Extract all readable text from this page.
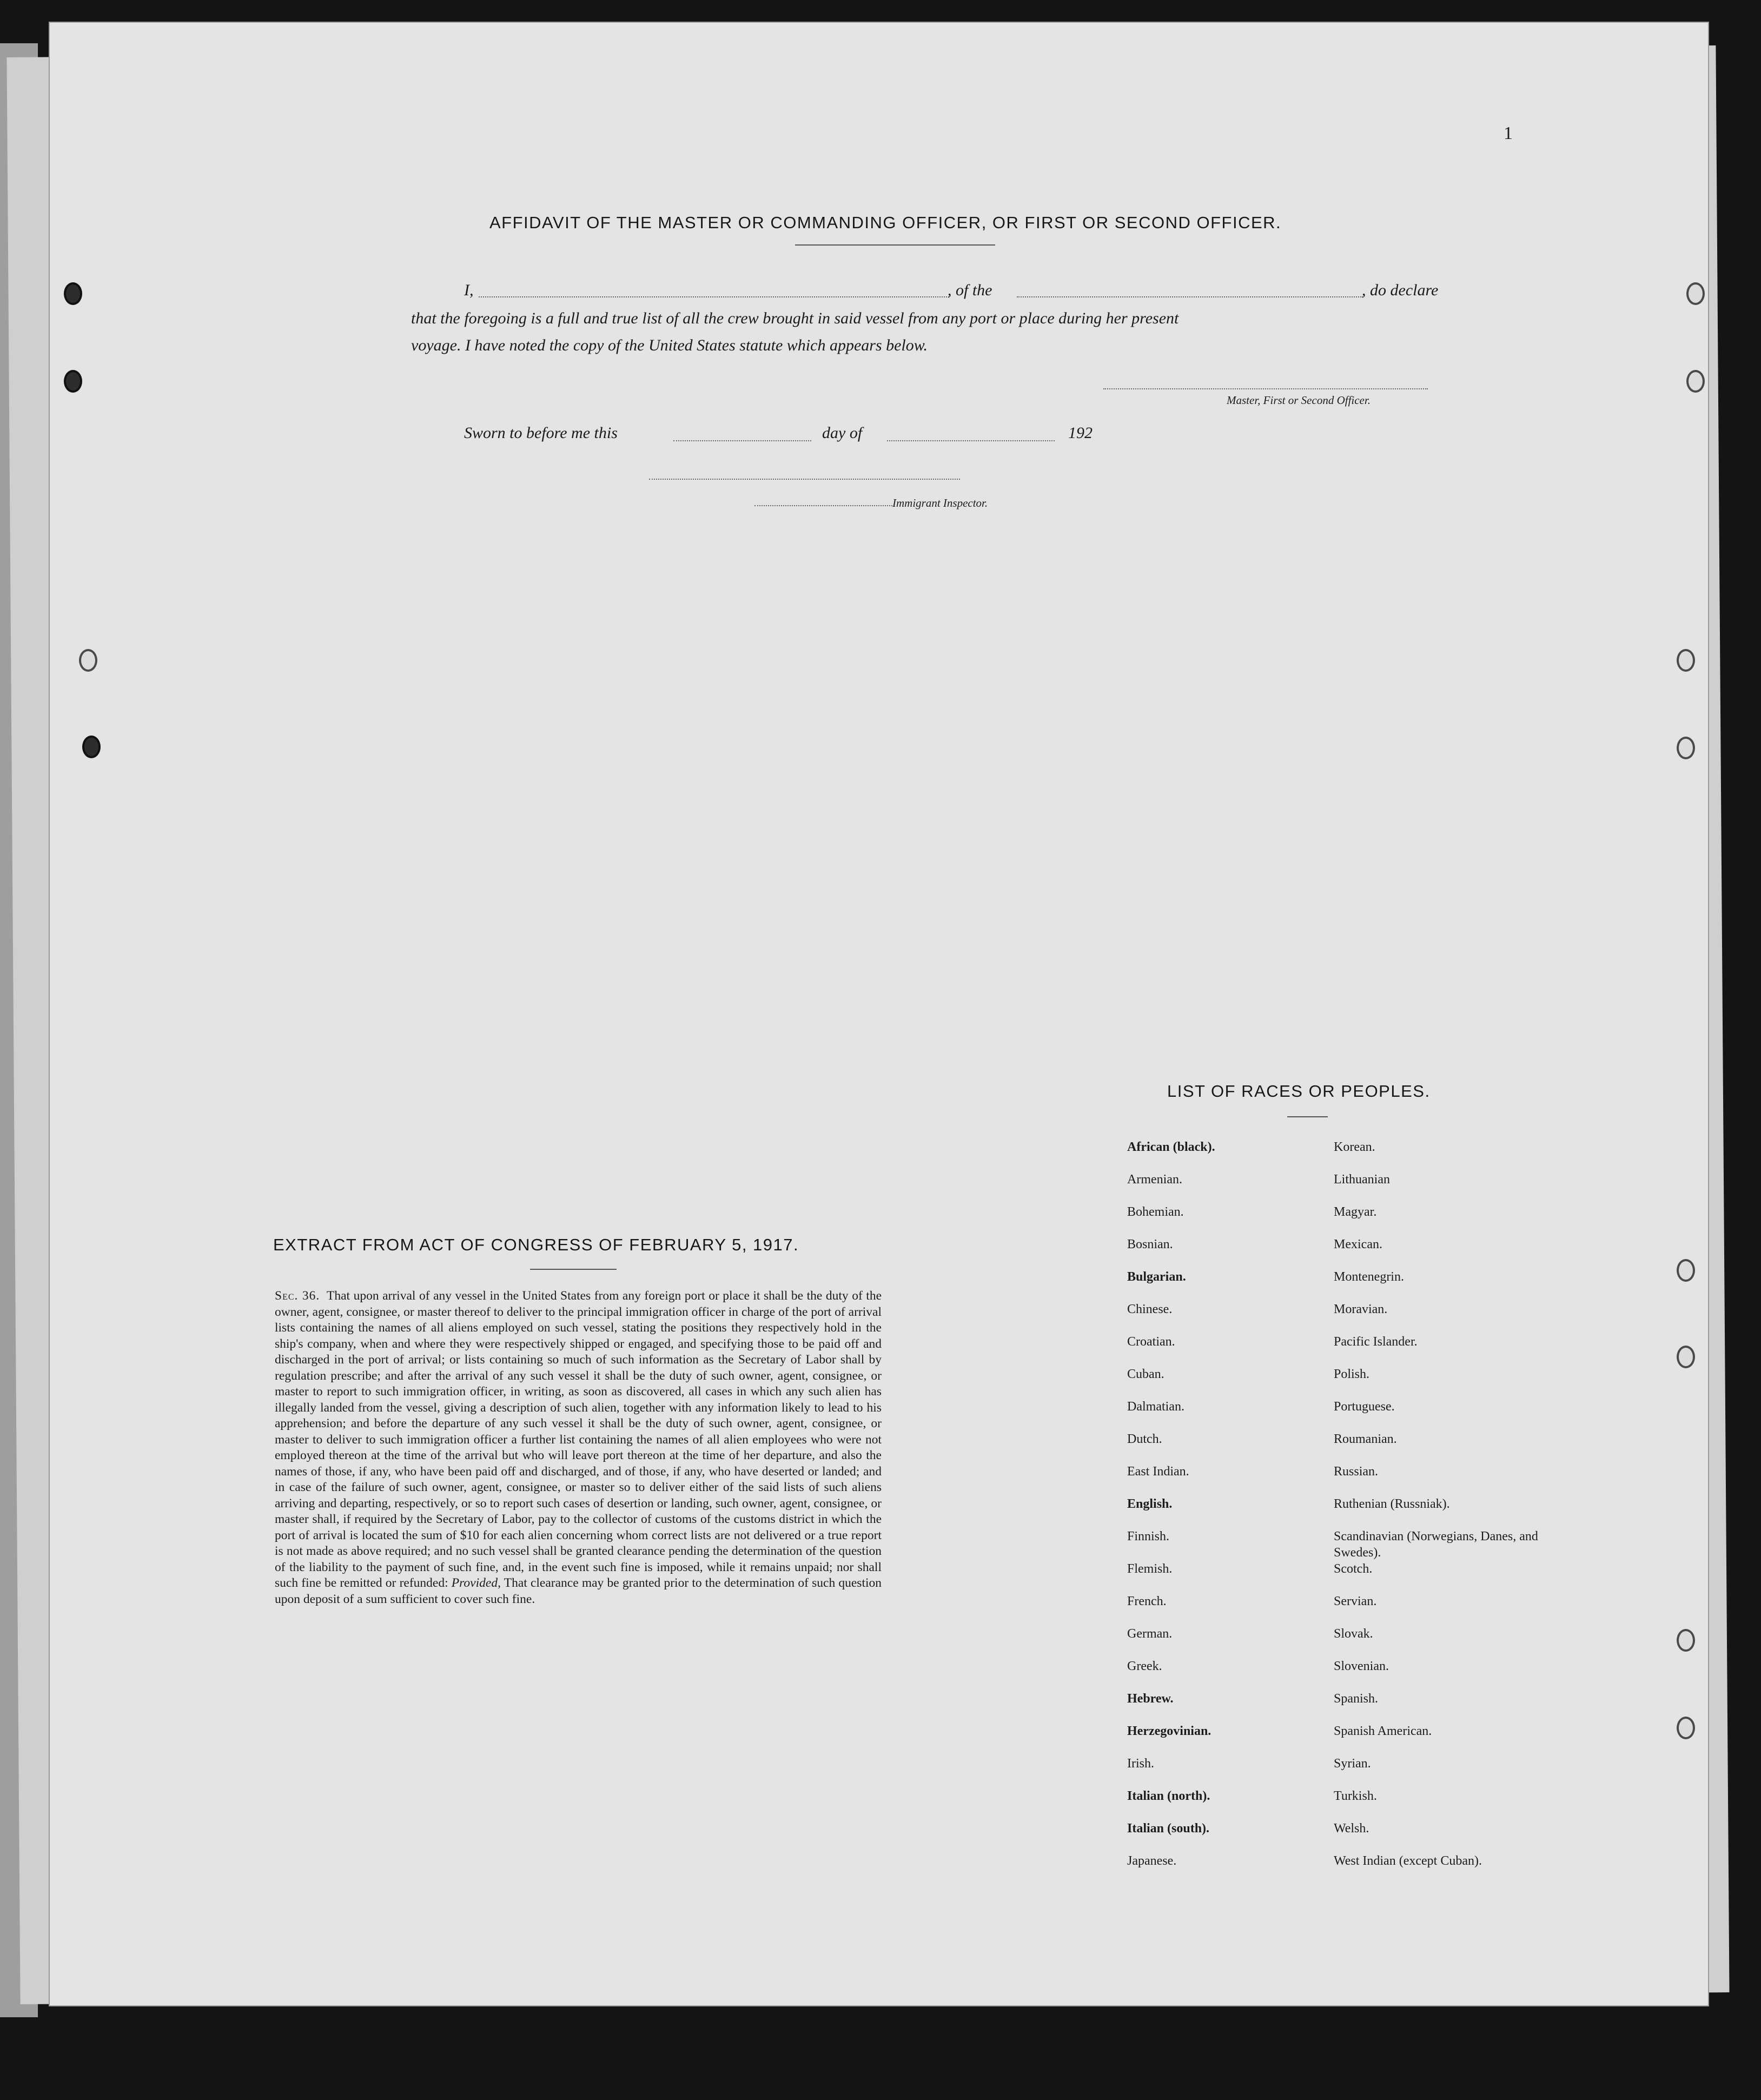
1
AFFIDAVIT OF THE MASTER OR COMMANDING OFFICER, OR FIRST OR SECOND OFFICER.
I,	, of the	, do declare
that the foregoing is a full and true list of all the crew brought in said vessel from any port or place during her present
voyage. I have noted the copy of the United States statute which appears below.
Master, First or Second Officer.
Sworn to before me this	day of	192
Immigrant Inspector.
EXTRACT FROM ACT OF CONGRESS OF FEBRUARY 5, 1917.

Sec. 36. That upon arrival of any vessel in the United States from any foreign port or place it shall be the duty of the owner, agent, consignee, or master thereof to deliver to the principal immigration officer in charge of the port of arrival lists containing the names of all aliens employed on such vessel, stating the positions they respectively hold in the ship's company, when and where they were respectively shipped or engaged, and specifying those to be paid off and discharged in the port of arrival; or lists containing so much of such information as the Secretary of Labor shall by regulation prescribe; and after the arrival of any such vessel it shall be the duty of such owner, agent, consignee, or master to report to such immigration officer, in writing, as soon as discovered, all cases in which any such alien has illegally landed from the vessel, giving a description of such alien, together with any information likely to lead to his apprehension; and before the departure of any such vessel it shall be the duty of such owner, agent, consignee, or master to deliver to such immigration officer a further list containing the names of all alien employees who were not employed thereon at the time of the arrival but who will leave port thereon at the time of her departure, and also the names of those, if any, who have been paid off and discharged, and of those, if any, who have deserted or landed; and in case of the failure of such owner, agent, consignee, or master so to deliver either of the said lists of such aliens arriving and departing, respectively, or so to report such cases of desertion or landing, such owner, agent, consignee, or master shall, if required by the Secretary of Labor, pay to the collector of customs of the customs district in which the port of arrival is located the sum of $10 for each alien concerning whom correct lists are not delivered or a true report is not made as above required; and no such vessel shall be granted clearance pending the determination of the question of the liability to the payment of such fine, and, in the event such fine is imposed, while it remains unpaid; nor shall such fine be remitted or refunded: Provided, That clearance may be granted prior to the determination of such question upon deposit of a sum sufficient to cover such fine.

LIST OF RACES OR PEOPLES.
African (black).	Korean.
Armenian.	Lithuanian
Bohemian.	Magyar.
Bosnian.	Mexican.
Bulgarian.	Montenegrin.
Chinese.	Moravian.
Croatian.	Pacific Islander.
Cuban.	Polish.
Dalmatian.	Portuguese.
Dutch.	Roumanian.
East Indian.	Russian.
English.	Ruthenian (Russniak).
Finnish.	Scandinavian (Norwegians, Danes, and Swedes).
Flemish.	Scotch.
French.	Servian.
German.	Slovak.
Greek.	Slovenian.
Hebrew.	Spanish.
Herzegovinian.	Spanish American.
Irish.	Syrian.
Italian (north).	Turkish.
Italian (south).	Welsh.
Japanese.	West Indian (except Cuban).
